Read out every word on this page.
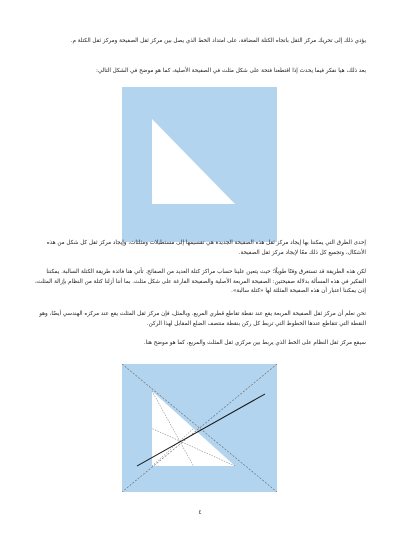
يؤدي ذلك إلى تحريك مركز الثقل باتجاه الكتلة المضافة، على امتداد الخط الذي يصل بين مركز ثقل الصفيحة ومركز ثقل الكتلة م.

بعد ذلك، هيا نفكر فيما يحدث إذا اقتطعنا فتحة على شكل مثلث في الصفيحة الأصلية، كما هو موضح في الشكل التالي:

إحدى الطرق التي يمكننا بها إيجاد مركز ثقل هذه الصفيحة الجديدة هي تقسيمها إلى مستطيلات ومثلثات، وإيجاد مركز ثقل كل شكل من هذه الأشكال، وتجميع كل ذلك معًا لإيجاد مركز ثقل الصفيحة.

لكن هذه الطريقة قد تستغرق وقتًا طويلًا؛ حيث يتعين علينا حساب مراكز كتلة العديد من الصفائح. تأتي هنا فائدة طريقة الكتلة السالبة. يمكننا التفكير في هذه المسألة بدلالة صفيحتين: الصفيحة المربعة الأصلية والصفيحة الفارغة على شكل مثلث. بما أننا أزلنا كتلة من النظام بإزالة المثلث، إذن يمكننا اعتبار أن هذه الصفيحة المثلثة لها «كتلة سالبة».

نحن نعلم أن مركز ثقل الصفيحة المربعة يقع عند نقطة تقاطع قطري المربع. وبالمثل، فإن مركز ثقل المثلث يقع عند مركزه الهندسي أيضًا، وهو النقطة التي تتقاطع عندها الخطوط التي تربط كل ركن بنقطة منتصف الضلع المقابل لهذا الركن.

سيقع مركز ثقل النظام على الخط الذي يربط بين مركزي ثقل المثلث والمربع، كما هو موضح هنا.

٤
